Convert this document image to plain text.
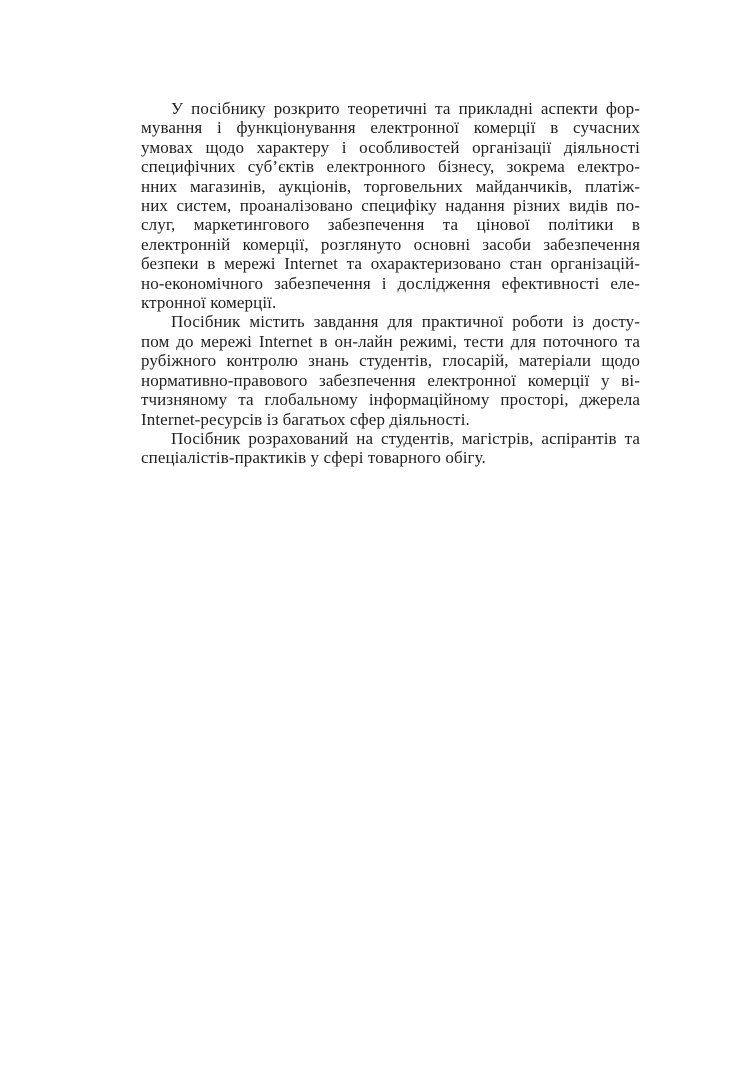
У посібнику розкрито теоретичні та прикладні аспекти фор-
мування і функціонування електронної комерції в сучасних
умовах щодо характеру і особливостей організації діяльності
специфічних суб’єктів електронного бізнесу, зокрема електро-
нних магазинів, аукціонів, торговельних майданчиків, платіж-
них систем, проаналізовано специфіку надання різних видів по-
слуг, маркетингового забезпечення та цінової політики в
електронній комерції, розглянуто основні засоби забезпечення
безпеки в мережі Internet та охарактеризовано стан організацій-
но-економічного забезпечення і дослідження ефективності еле-
ктронної комерції.

Посібник містить завдання для практичної роботи із досту-
пом до мережі Internet в он-лайн режимі, тести для поточного та
рубіжного контролю знань студентів, глосарій, матеріали щодо
нормативно-правового забезпечення електронної комерції у ві-
тчизняному та глобальному інформаційному просторі, джерела
Internet-ресурсів із багатьох сфер діяльності.

Посібник розрахований на студентів, магістрів, аспірантів та
спеціалістів-практиків у сфері товарного обігу.
